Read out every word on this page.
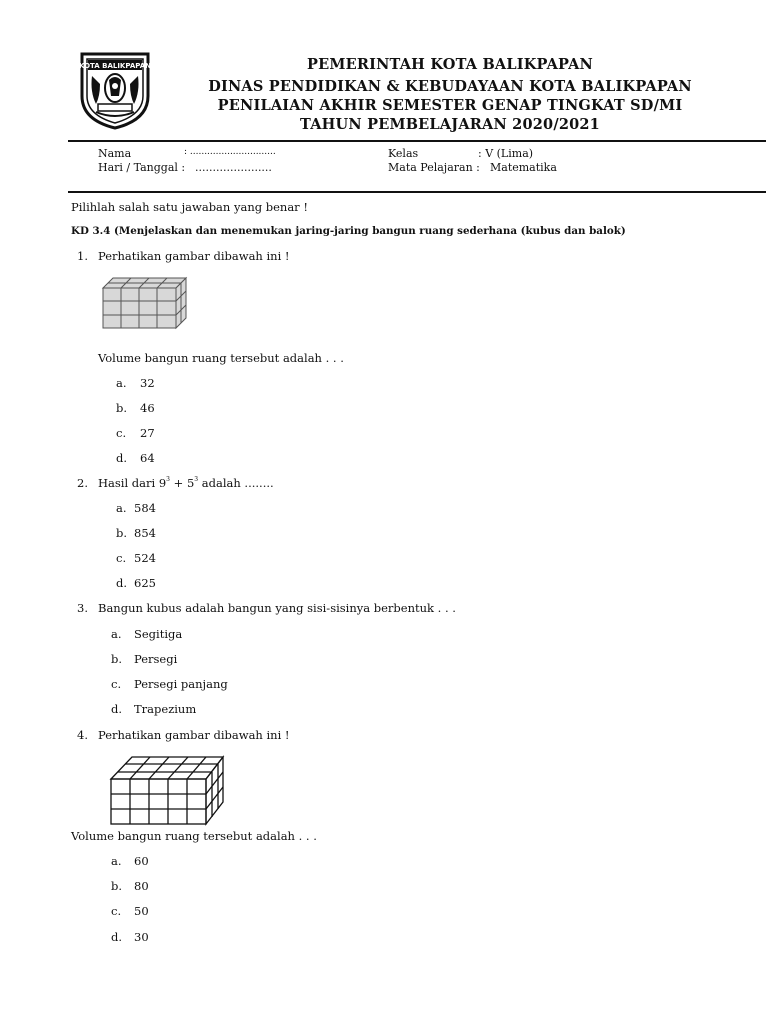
KOTA BALIKPAPAN	PEMERINTAH KOTA BALIKPAPAN
DINAS PENDIDIKAN & KEBUDAYAAN KOTA BALIKPAPAN
PENILAIAN AKHIR SEMESTER GENAP TINGKAT SD/MI
TAHUN PEMBELAJARAN 2020/2021
Nama	: ..............................
Hari / Tanggal : ......................
Kelas	: V (Lima)
Mata Pelajaran : Matematika
Pilihlah salah satu jawaban yang benar !
KD 3.4 (Menjelaskan dan menemukan jaring-jaring bangun ruang sederhana (kubus dan balok)
1. Perhatikan gambar dibawah ini !
Volume bangun ruang tersebut adalah . . .
a. 32
b. 46
c. 27
d. 64
2. Hasil dari $9^3 + 5^3$ adalah ........
a. 584
b. 854
c. 524
d. 625
3. Bangun kubus adalah bangun yang sisi-sisinya berbentuk . . .
a. Segitiga
b. Persegi
c. Persegi panjang
d. Trapezium
4. Perhatikan gambar dibawah ini !
Volume bangun ruang tersebut adalah . . .
a. 60
b. 80
c. 50
d. 30
